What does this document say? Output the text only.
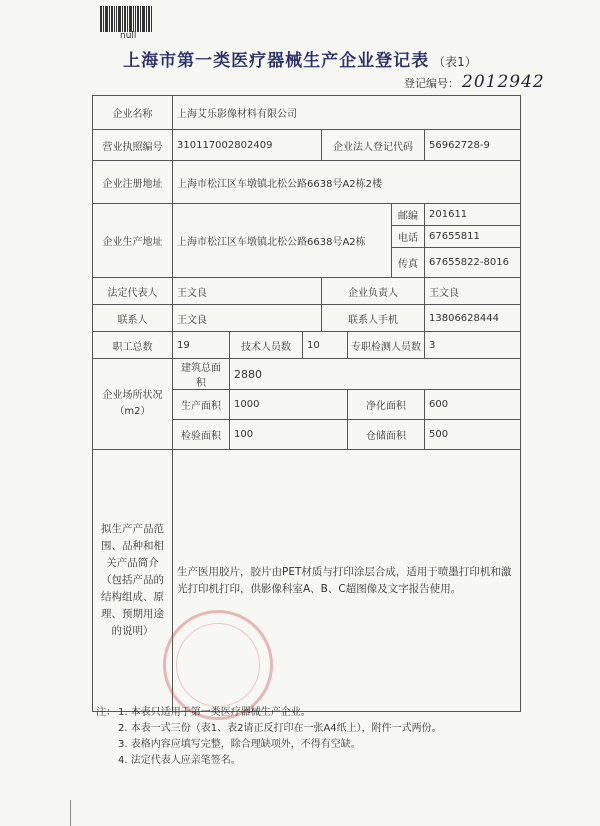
null
上海市第一类医疗器械生产企业登记表 （表1）
登记编号： 2012942
企业名称	上海艾乐影像材料有限公司						
营业执照编号	310117002802409			企业法人登记代码			56962728-9
企业注册地址	上海市松江区车墩镇北松公路6638号A2栋2楼						
企业生产地址	上海市松江区车墩镇北松公路6638号A2栋					邮编	201611
						电话	67655811
						传真	67655822-8016
法定代表人	王文良			企业负责人			王文良
联系人	王文良			联系人手机			13806628444
职工总数	19	技术人员数	10		专职检测人员数		3
企业场所状况（m2）	建筑总面积	2880					
	生产面积	1000			净化面积		600
	检验面积	100			仓储面积		500
拟生产产品范围、品种和相关产品简介（包括产品的结构组成、原理、预期用途的说明）	生产医用胶片，胶片由PET材质与打印涂层合成，适用于喷墨打印机和激光打印机打印，供影像科室A、B、C超图像及文字报告使用。						
注： 1. 本表只适用于第一类医疗器械生产企业。
2. 本表一式三份（表1、表2请正反打印在一张A4纸上），附件一式两份。
3. 表格内容应填写完整，除合理缺项外，不得有空缺。
4. 法定代表人应亲笔签名。
